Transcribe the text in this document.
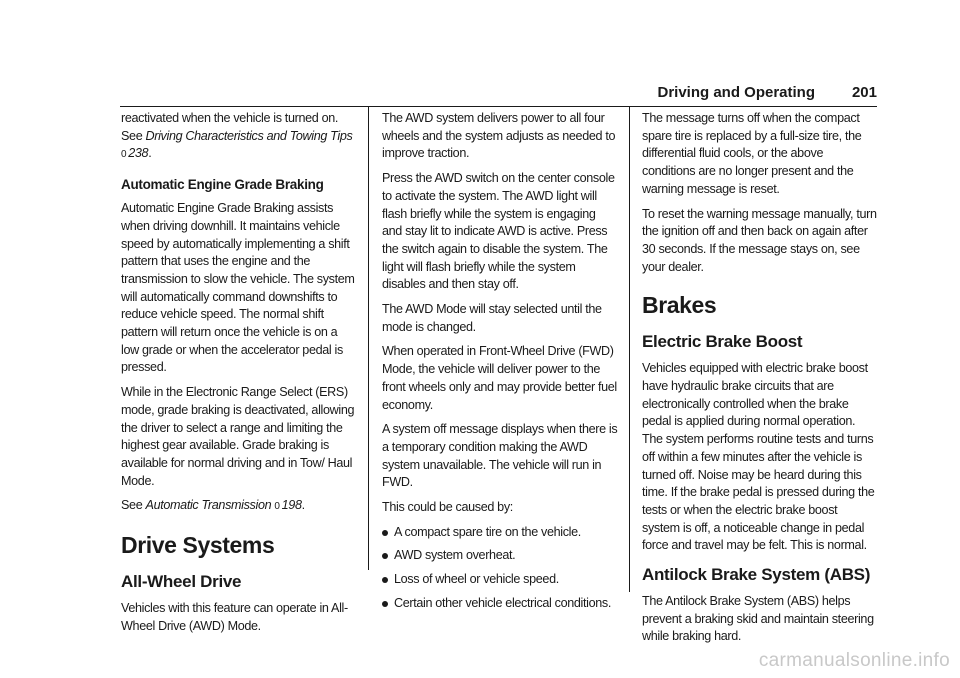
Driving and Operating 201

reactivated when the vehicle is turned on. See Driving Characteristics and Towing Tips
0 238.

Automatic Engine Grade Braking

Automatic Engine Grade Braking assists when driving downhill. It maintains vehicle speed by automatically implementing a shift pattern that uses the engine and the transmission to slow the vehicle. The system will automatically command downshifts to reduce vehicle speed. The normal shift pattern will return once the vehicle is on a low grade or when the accelerator pedal is pressed.

While in the Electronic Range Select (ERS) mode, grade braking is deactivated, allowing the driver to select a range and limiting the highest gear available. Grade braking is available for normal driving and in Tow/ Haul Mode.

See Automatic Transmission 0 198.

Drive Systems
All-Wheel Drive

Vehicles with this feature can operate in All-Wheel Drive (AWD) Mode.

The AWD system delivers power to all four wheels and the system adjusts as needed to improve traction.

Press the AWD switch on the center console to activate the system. The AWD light will flash briefly while the system is engaging and stay lit to indicate AWD is active. Press the switch again to disable the system. The light will flash briefly while the system disables and then stay off.

The AWD Mode will stay selected until the mode is changed.

When operated in Front-Wheel Drive (FWD) Mode, the vehicle will deliver power to the front wheels only and may provide better fuel economy.

A system off message displays when there is a temporary condition making the AWD system unavailable. The vehicle will run in FWD.

This could be caused by:

A compact spare tire on the vehicle.
AWD system overheat.
Loss of wheel or vehicle speed.
Certain other vehicle electrical conditions.

The message turns off when the compact spare tire is replaced by a full-size tire, the differential fluid cools, or the above conditions are no longer present and the warning message is reset.

To reset the warning message manually, turn the ignition off and then back on again after 30 seconds. If the message stays on, see your dealer.

Brakes
Electric Brake Boost

Vehicles equipped with electric brake boost have hydraulic brake circuits that are electronically controlled when the brake pedal is applied during normal operation. The system performs routine tests and turns off within a few minutes after the vehicle is turned off. Noise may be heard during this time. If the brake pedal is pressed during the tests or when the electric brake boost system is off, a noticeable change in pedal force and travel may be felt. This is normal.

Antilock Brake System (ABS)

The Antilock Brake System (ABS) helps prevent a braking skid and maintain steering while braking hard.

carmanualsonline.info
